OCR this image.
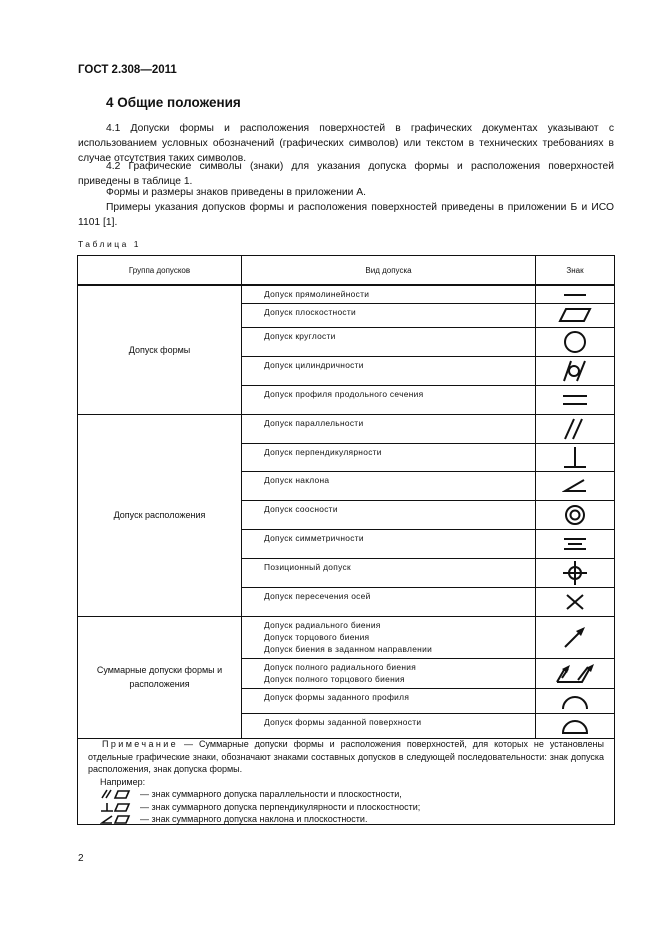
ГОСТ 2.308—2011
4 Общие положения
4.1 Допуски формы и расположения поверхностей в графических документах указывают с использованием условных обозначений (графических символов) или текстом в технических требованиях в случае отсутствия таких символов.
4.2 Графические символы (знаки) для указания допуска формы и расположения поверхностей приведены в таблице 1.
Формы и размеры знаков приведены в приложении А.
Примеры указания допусков формы и расположения поверхностей приведены в приложении Б и ИСО 1101 [1].
Таблица 1
Группа допусков	Вид допуска	Знак
Допуск формы	Допуск прямолинейности	
	Допуск плоскостности	
	Допуск круглости	
	Допуск цилиндричности	
	Допуск профиля продольного сечения	
Допуск расположения	Допуск параллельности	
	Допуск перпендикулярности	
	Допуск наклона	
	Допуск соосности	
	Допуск симметричности	
	Позиционный допуск	
	Допуск пересечения осей	
Суммарные допуски формы и расположения	Допуск радиального биения
Допуск торцового биения
Допуск биения в заданном направлении

	Допуск полного радиального биения
Допуск полного торцового биения

	Допуск формы заданного профиля	
	Допуск формы заданной поверхности	
Примечание — Суммарные допуски формы и расположения поверхностей, для которых не установлены отдельные графические знаки, обозначают знаками составных допусков в следующей последовательности: знак допуска расположения, знак допуска формы.
Например:
— знак суммарного допуска параллельности и плоскостности,
— знак суммарного допуска перпендикулярности и плоскостности;
— знак суммарного допуска наклона и плоскостности.
2
